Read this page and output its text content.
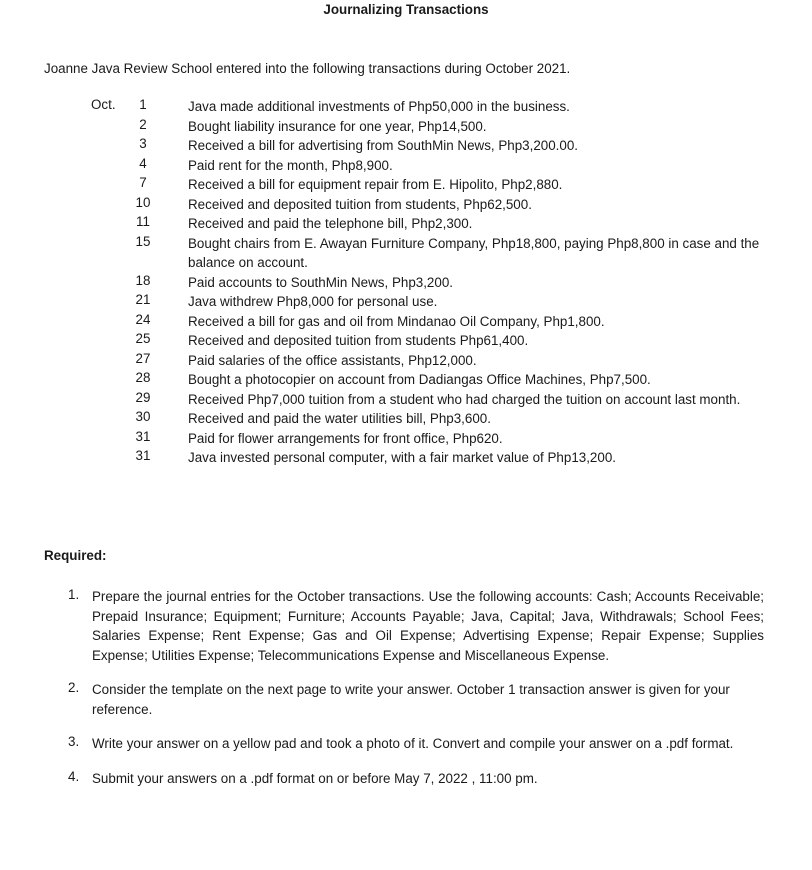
Journalizing Transactions
Joanne Java Review School entered into the following transactions during October 2021.
Oct.	1	Java made additional investments of Php50,000 in the business.
2	Bought liability insurance for one year, Php14,500.
3	Received a bill for advertising from SouthMin News, Php3,200.00.
4	Paid rent for the month, Php8,900.
7	Received a bill for equipment repair from E. Hipolito, Php2,880.
10	Received and deposited tuition from students, Php62,500.
11	Received and paid the telephone bill, Php2,300.
15	Bought chairs from E. Awayan Furniture Company, Php18,800, paying Php8,800 in case and the balance on account.
18	Paid accounts to SouthMin News, Php3,200.
21	Java withdrew Php8,000 for personal use.
24	Received a bill for gas and oil from Mindanao Oil Company, Php1,800.
25	Received and deposited tuition from students Php61,400.
27	Paid salaries of the office assistants, Php12,000.
28	Bought a photocopier on account from Dadiangas Office Machines, Php7,500.
29	Received Php7,000 tuition from a student who had charged the tuition on account last month.
30	Received and paid the water utilities bill, Php3,600.
31	Paid for flower arrangements for front office, Php620.
31	Java invested personal computer, with a fair market value of Php13,200.
Required:
1. Prepare the journal entries for the October transactions. Use the following accounts: Cash; Accounts Receivable; Prepaid Insurance; Equipment; Furniture; Accounts Payable; Java, Capital; Java, Withdrawals; School Fees; Salaries Expense; Rent Expense; Gas and Oil Expense; Advertising Expense; Repair Expense; Supplies Expense; Utilities Expense; Telecommunications Expense and Miscellaneous Expense.
2. Consider the template on the next page to write your answer. October 1 transaction answer is given for your reference.
3. Write your answer on a yellow pad and took a photo of it. Convert and compile your answer on a .pdf format.
4. Submit your answers on a .pdf format on or before May 7, 2022 , 11:00 pm.
